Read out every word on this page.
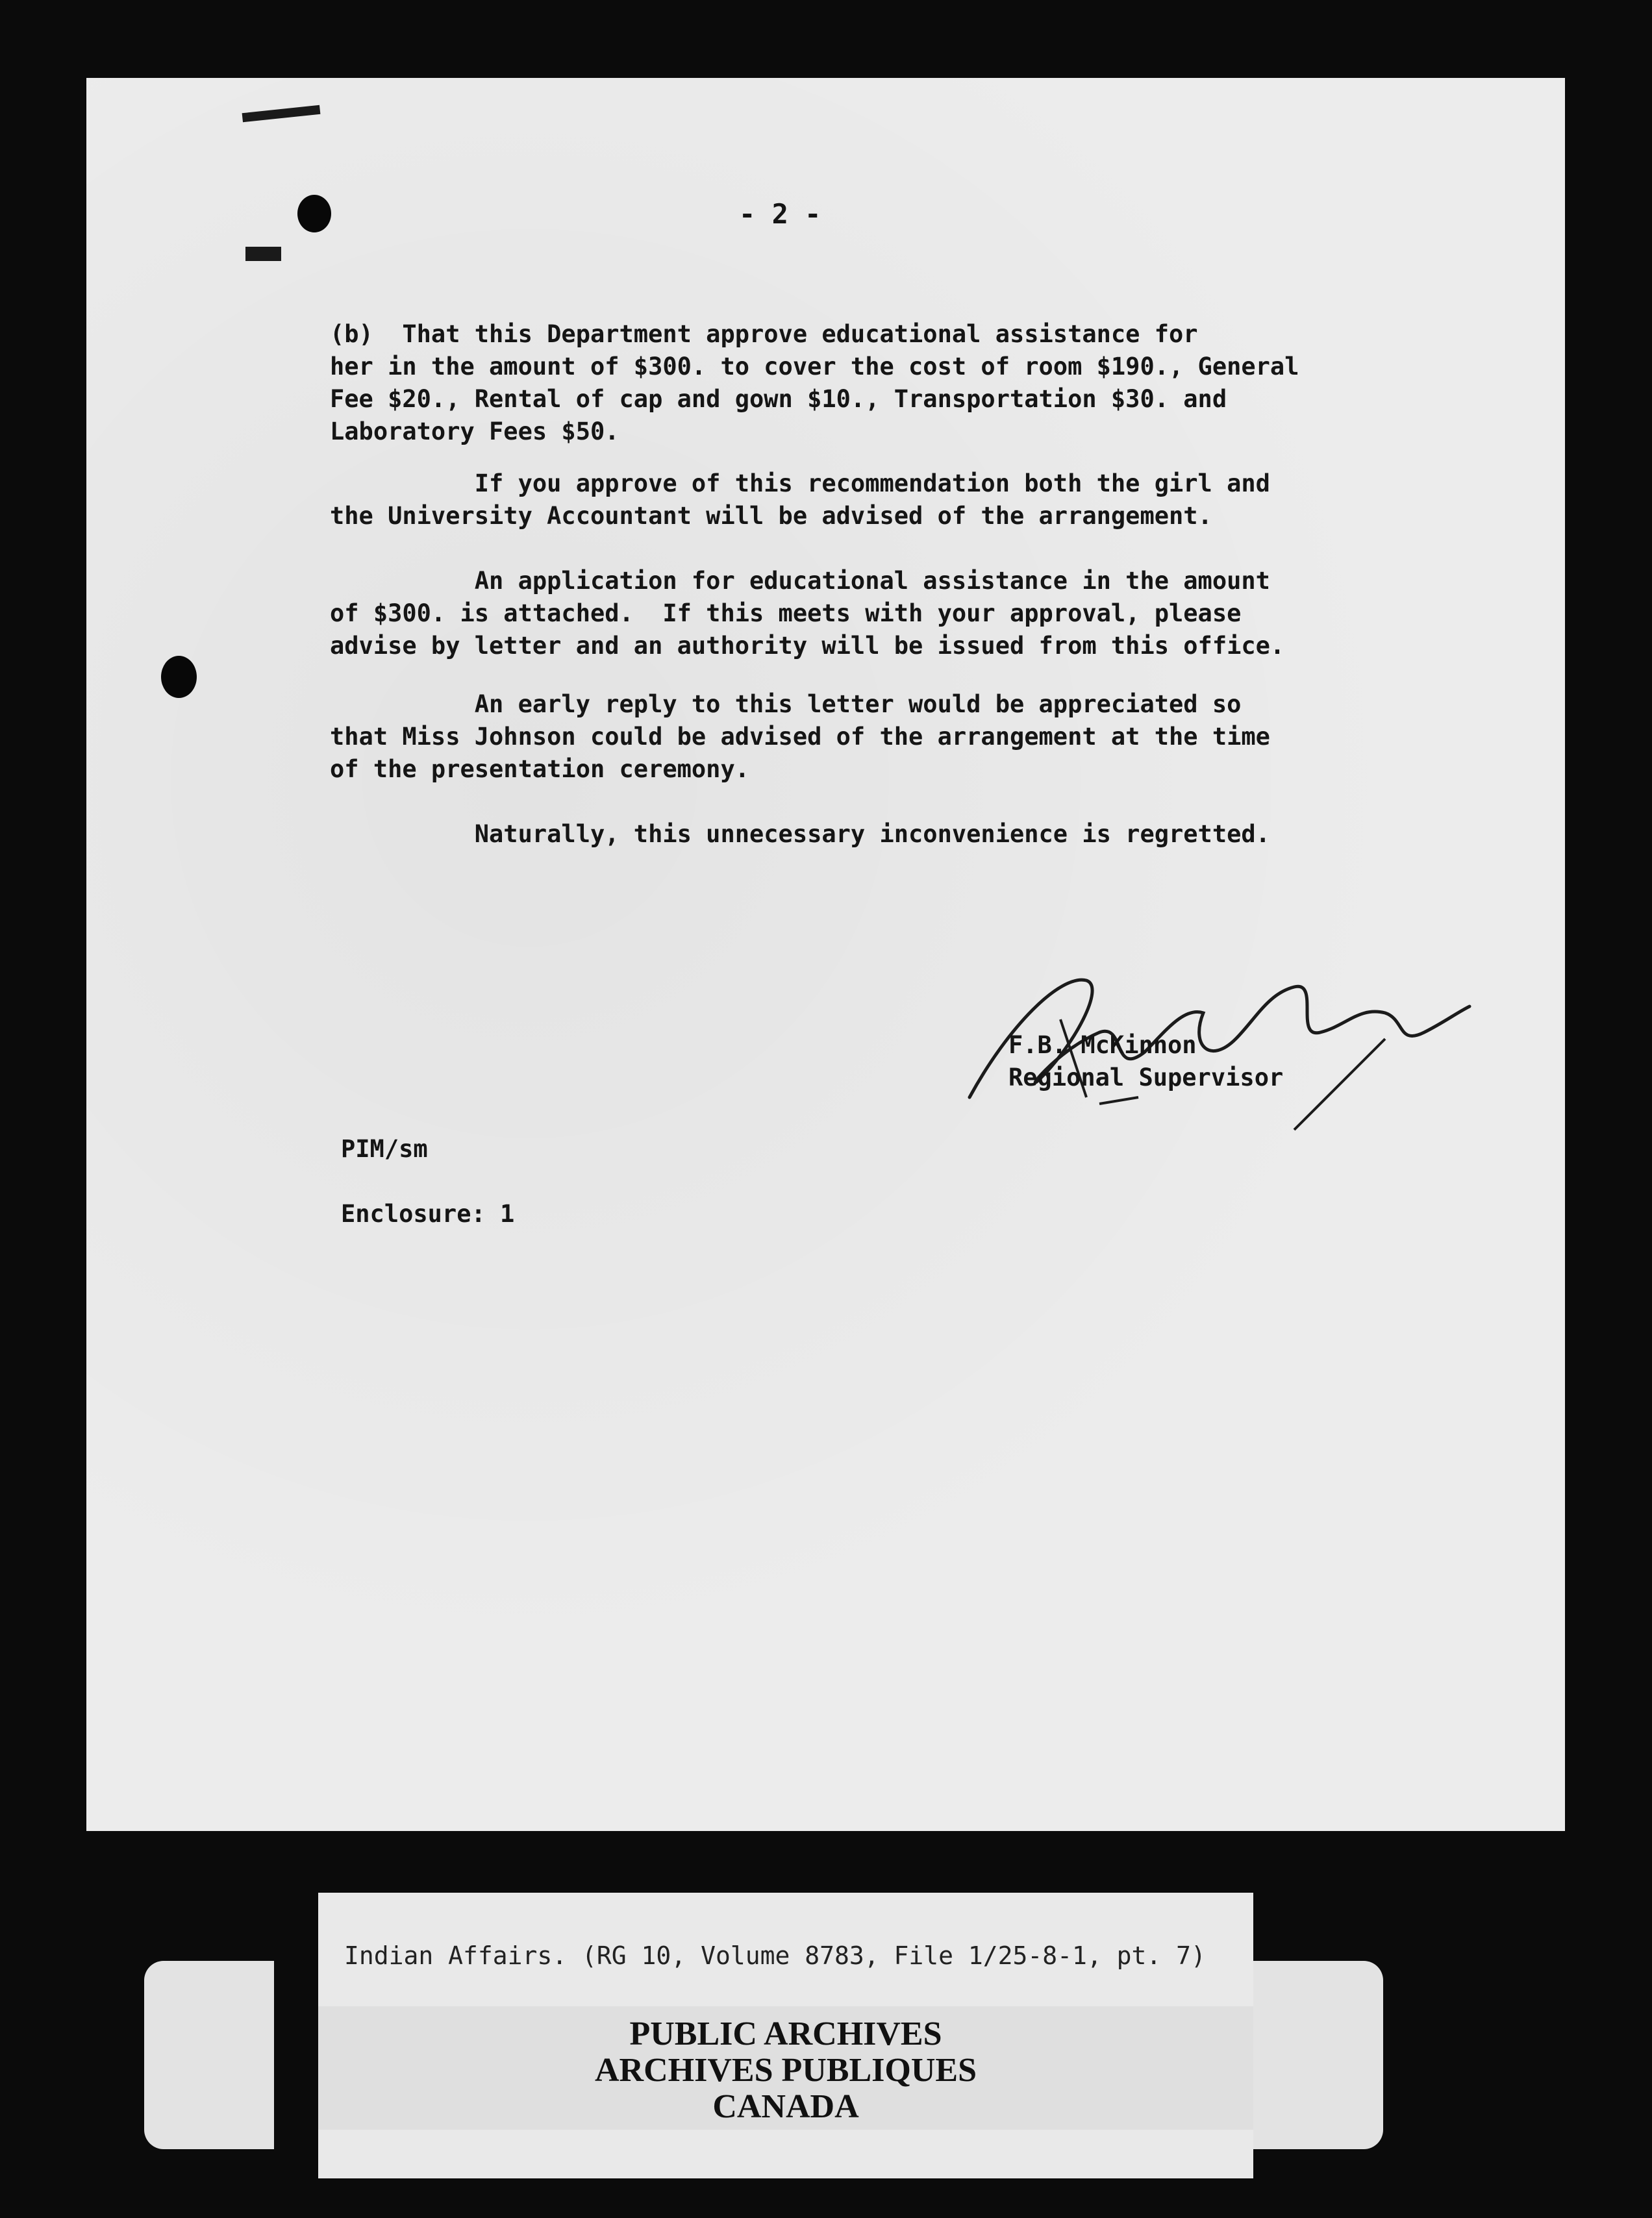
- 2 -
(b)  That this Department approve educational assistance for
her in the amount of $300. to cover the cost of room $190., General
Fee $20., Rental of cap and gown $10., Transportation $30. and
Laboratory Fees $50.
If you approve of this recommendation both the girl and
the University Accountant will be advised of the arrangement.
An application for educational assistance in the amount
of $300. is attached.  If this meets with your approval, please
advise by letter and an authority will be issued from this office.
An early reply to this letter would be appreciated so
that Miss Johnson could be advised of the arrangement at the time
of the presentation ceremony.
Naturally, this unnecessary inconvenience is regretted.
F.B. McKinnon
Regional Supervisor
PIM/sm
Enclosure: 1
Indian Affairs. (RG 10, Volume 8783, File 1/25-8-1, pt. 7)
PUBLIC ARCHIVES
ARCHIVES PUBLIQUES
CANADA
